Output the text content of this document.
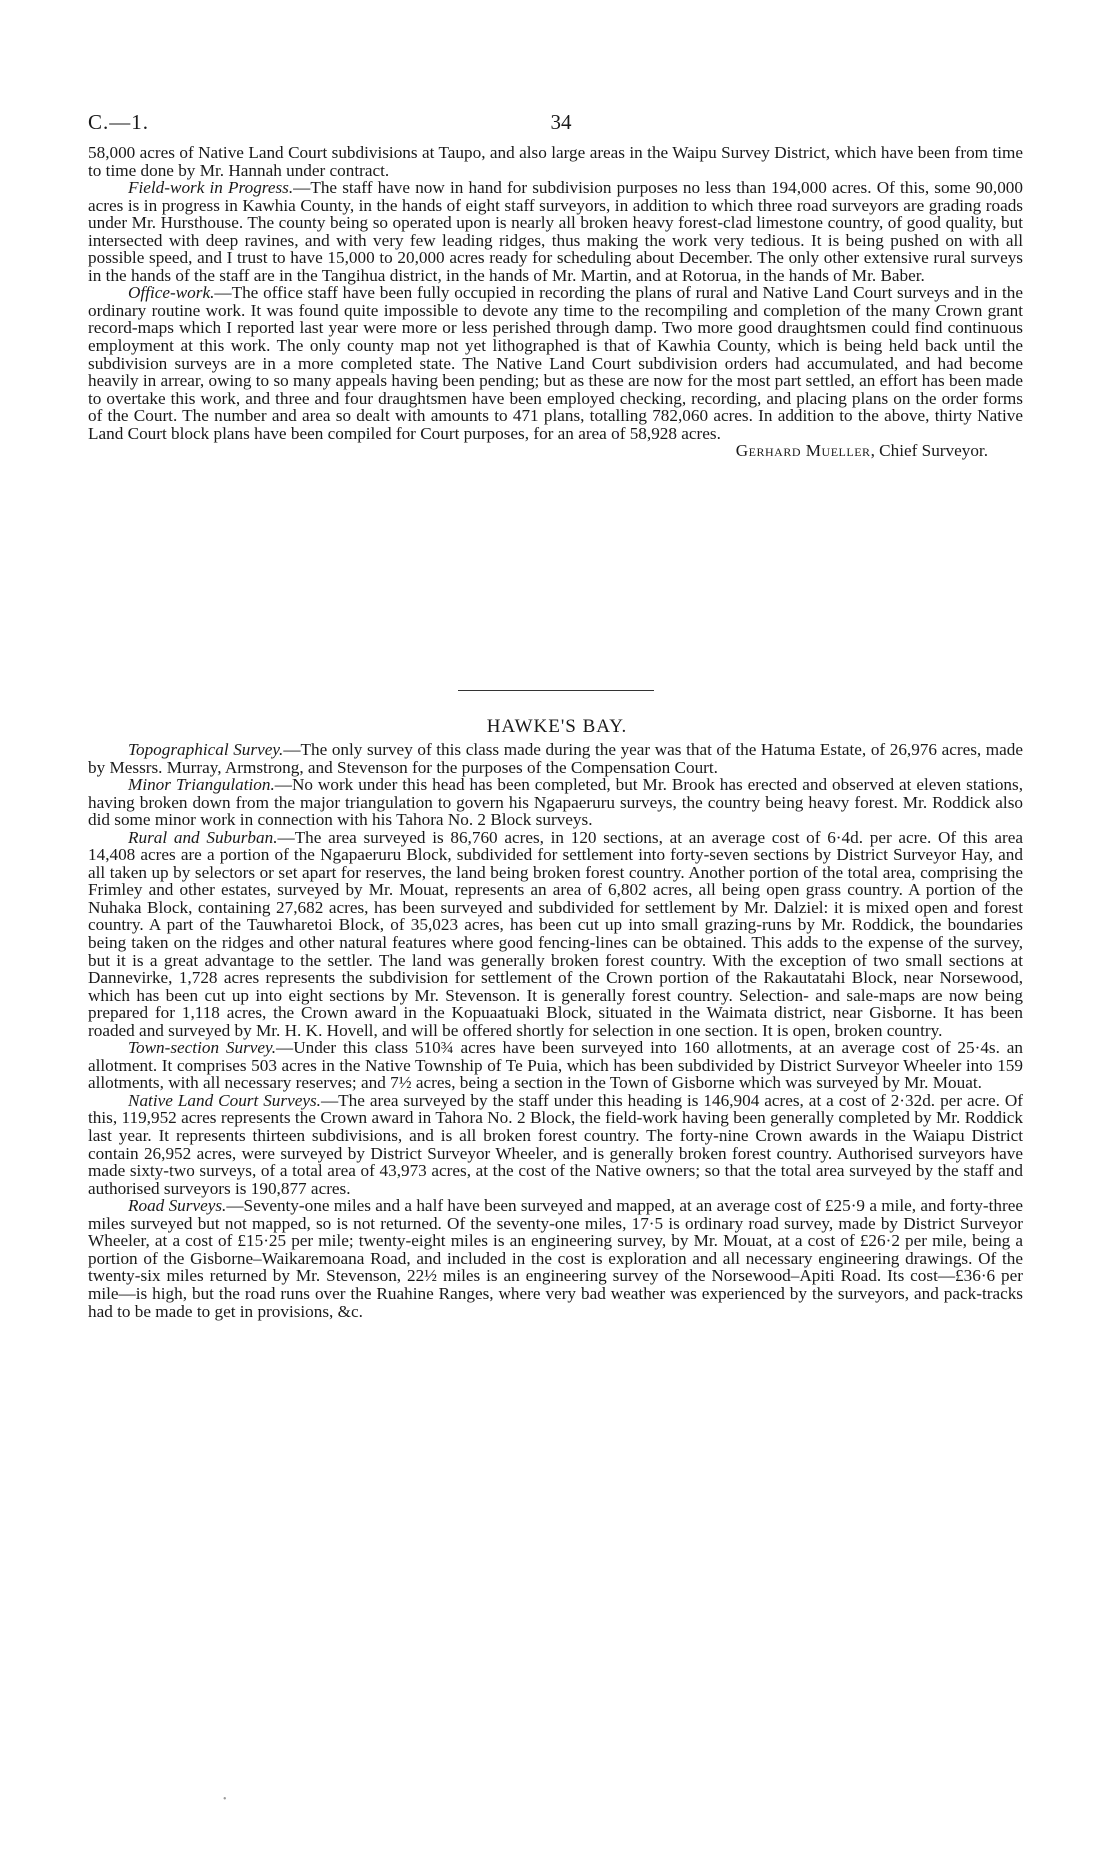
C.—1.	34

58,000 acres of Native Land Court subdivisions at Taupo, and also large areas in the Waipu Survey District, which have been from time to time done by Mr. Hannah under contract.

Field-work in Progress.—The staff have now in hand for subdivision purposes no less than 194,000 acres. Of this, some 90,000 acres is in progress in Kawhia County, in the hands of eight staff surveyors, in addition to which three road surveyors are grading roads under Mr. Hursthouse. The county being so operated upon is nearly all broken heavy forest-clad limestone country, of good quality, but intersected with deep ravines, and with very few leading ridges, thus making the work very tedious. It is being pushed on with all possible speed, and I trust to have 15,000 to 20,000 acres ready for scheduling about December. The only other extensive rural surveys in the hands of the staff are in the Tangihua district, in the hands of Mr. Martin, and at Rotorua, in the hands of Mr. Baber.

Office-work.—The office staff have been fully occupied in recording the plans of rural and Native Land Court surveys and in the ordinary routine work. It was found quite impossible to devote any time to the recompiling and completion of the many Crown grant record-maps which I reported last year were more or less perished through damp. Two more good draughtsmen could find continuous employment at this work. The only county map not yet lithographed is that of Kawhia County, which is being held back until the subdivision surveys are in a more completed state. The Native Land Court subdivision orders had accumulated, and had become heavily in arrear, owing to so many appeals having been pending; but as these are now for the most part settled, an effort has been made to overtake this work, and three and four draughtsmen have been employed checking, recording, and placing plans on the order forms of the Court. The number and area so dealt with amounts to 471 plans, totalling 782,060 acres. In addition to the above, thirty Native Land Court block plans have been compiled for Court purposes, for an area of 58,928 acres.

Gerhard Mueller, Chief Surveyor.

HAWKE'S BAY.

Topographical Survey.—The only survey of this class made during the year was that of the Hatuma Estate, of 26,976 acres, made by Messrs. Murray, Armstrong, and Stevenson for the purposes of the Compensation Court.

Minor Triangulation.—No work under this head has been completed, but Mr. Brook has erected and observed at eleven stations, having broken down from the major triangulation to govern his Ngapaeruru surveys, the country being heavy forest. Mr. Roddick also did some minor work in connection with his Tahora No. 2 Block surveys.

Rural and Suburban.—The area surveyed is 86,760 acres, in 120 sections, at an average cost of 6·4d. per acre. Of this area 14,408 acres are a portion of the Ngapaeruru Block, subdivided for settlement into forty-seven sections by District Surveyor Hay, and all taken up by selectors or set apart for reserves, the land being broken forest country. Another portion of the total area, comprising the Frimley and other estates, surveyed by Mr. Mouat, represents an area of 6,802 acres, all being open grass country. A portion of the Nuhaka Block, containing 27,682 acres, has been surveyed and subdivided for settlement by Mr. Dalziel: it is mixed open and forest country. A part of the Tauwharetoi Block, of 35,023 acres, has been cut up into small grazing-runs by Mr. Roddick, the boundaries being taken on the ridges and other natural features where good fencing-lines can be obtained. This adds to the expense of the survey, but it is a great advantage to the settler. The land was generally broken forest country. With the exception of two small sections at Dannevirke, 1,728 acres represents the subdivision for settlement of the Crown portion of the Rakautatahi Block, near Norsewood, which has been cut up into eight sections by Mr. Stevenson. It is generally forest country. Selection- and sale-maps are now being prepared for 1,118 acres, the Crown award in the Kopuaatuaki Block, situated in the Waimata district, near Gisborne. It has been roaded and surveyed by Mr. H. K. Hovell, and will be offered shortly for selection in one section. It is open, broken country.

Town-section Survey.—Under this class 510¾ acres have been surveyed into 160 allotments, at an average cost of 25·4s. an allotment. It comprises 503 acres in the Native Township of Te Puia, which has been subdivided by District Surveyor Wheeler into 159 allotments, with all necessary reserves; and 7½ acres, being a section in the Town of Gisborne which was surveyed by Mr. Mouat.

Native Land Court Surveys.—The area surveyed by the staff under this heading is 146,904 acres, at a cost of 2·32d. per acre. Of this, 119,952 acres represents the Crown award in Tahora No. 2 Block, the field-work having been generally completed by Mr. Roddick last year. It represents thirteen subdivisions, and is all broken forest country. The forty-nine Crown awards in the Waiapu District contain 26,952 acres, were surveyed by District Surveyor Wheeler, and is generally broken forest country. Authorised surveyors have made sixty-two surveys, of a total area of 43,973 acres, at the cost of the Native owners; so that the total area surveyed by the staff and authorised surveyors is 190,877 acres.

Road Surveys.—Seventy-one miles and a half have been surveyed and mapped, at an average cost of £25·9 a mile, and forty-three miles surveyed but not mapped, so is not returned. Of the seventy-one miles, 17·5 is ordinary road survey, made by District Surveyor Wheeler, at a cost of £15·25 per mile; twenty-eight miles is an engineering survey, by Mr. Mouat, at a cost of £26·2 per mile, being a portion of the Gisborne–Waikaremoana Road, and included in the cost is exploration and all necessary engineering drawings. Of the twenty-six miles returned by Mr. Stevenson, 22½ miles is an engineering survey of the Norsewood–Apiti Road. Its cost—£36·6 per mile—is high, but the road runs over the Ruahine Ranges, where very bad weather was experienced by the surveyors, and pack-tracks had to be made to get in provisions, &c.

•
